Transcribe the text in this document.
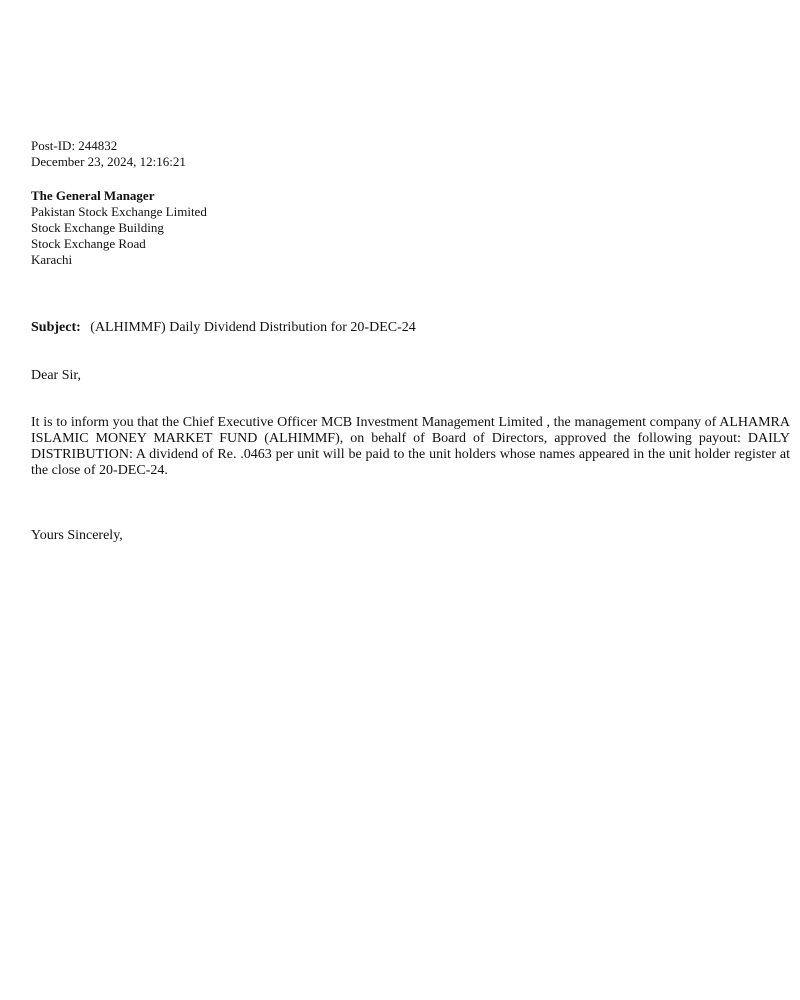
Post-ID: 244832
December 23, 2024, 12:16:21
The General Manager
Pakistan Stock Exchange Limited
Stock Exchange Building
Stock Exchange Road
Karachi
Subject: (ALHIMMF) Daily Dividend Distribution for 20-DEC-24
Dear Sir,
It is to inform you that the Chief Executive Officer MCB Investment Management Limited , the management company of ALHAMRA ISLAMIC MONEY MARKET FUND (ALHIMMF), on behalf of Board of Directors, approved the following payout: DAILY DISTRIBUTION: A dividend of Re. .0463 per unit will be paid to the unit holders whose names appeared in the unit holder register at the close of 20-DEC-24.
Yours Sincerely,
